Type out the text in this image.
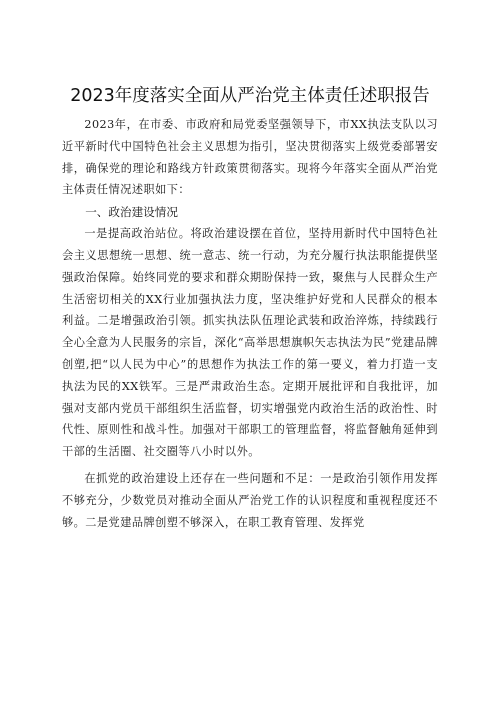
2023年度落实全面从严治党主体责任述职报告

2023年，在市委、市政府和局党委坚强领导下，市XX执法支队以习近平新时代中国特色社会主义思想为指引，坚决贯彻落实上级党委部署安排，确保党的理论和路线方针政策贯彻落实。现将今年落实全面从严治党主体责任情况述职如下：

一、政治建设情况

一是提高政治站位。将政治建设摆在首位，坚持用新时代中国特色社会主义思想统一思想、统一意志、统一行动，为充分履行执法职能提供坚强政治保障。始终同党的要求和群众期盼保持一致，聚焦与人民群众生产生活密切相关的XX行业加强执法力度，坚决维护好党和人民群众的根本利益。二是增强政治引领。抓实执法队伍理论武装和政治淬炼，持续践行全心全意为人民服务的宗旨，深化“高举思想旗帜矢志执法为民”党建品牌创塑,把“以人民为中心”的思想作为执法工作的第一要义，着力打造一支执法为民的XX铁军。三是严肃政治生态。定期开展批评和自我批评，加强对支部内党员干部组织生活监督，切实增强党内政治生活的政治性、时代性、原则性和战斗性。加强对干部职工的管理监督，将监督触角延伸到干部的生活圈、社交圈等八小时以外。

在抓党的政治建设上还存在一些问题和不足：一是政治引领作用发挥不够充分，少数党员对推动全面从严治党工作的认识程度和重视程度还不够。二是党建品牌创塑不够深入，在职工教育管理、发挥党
